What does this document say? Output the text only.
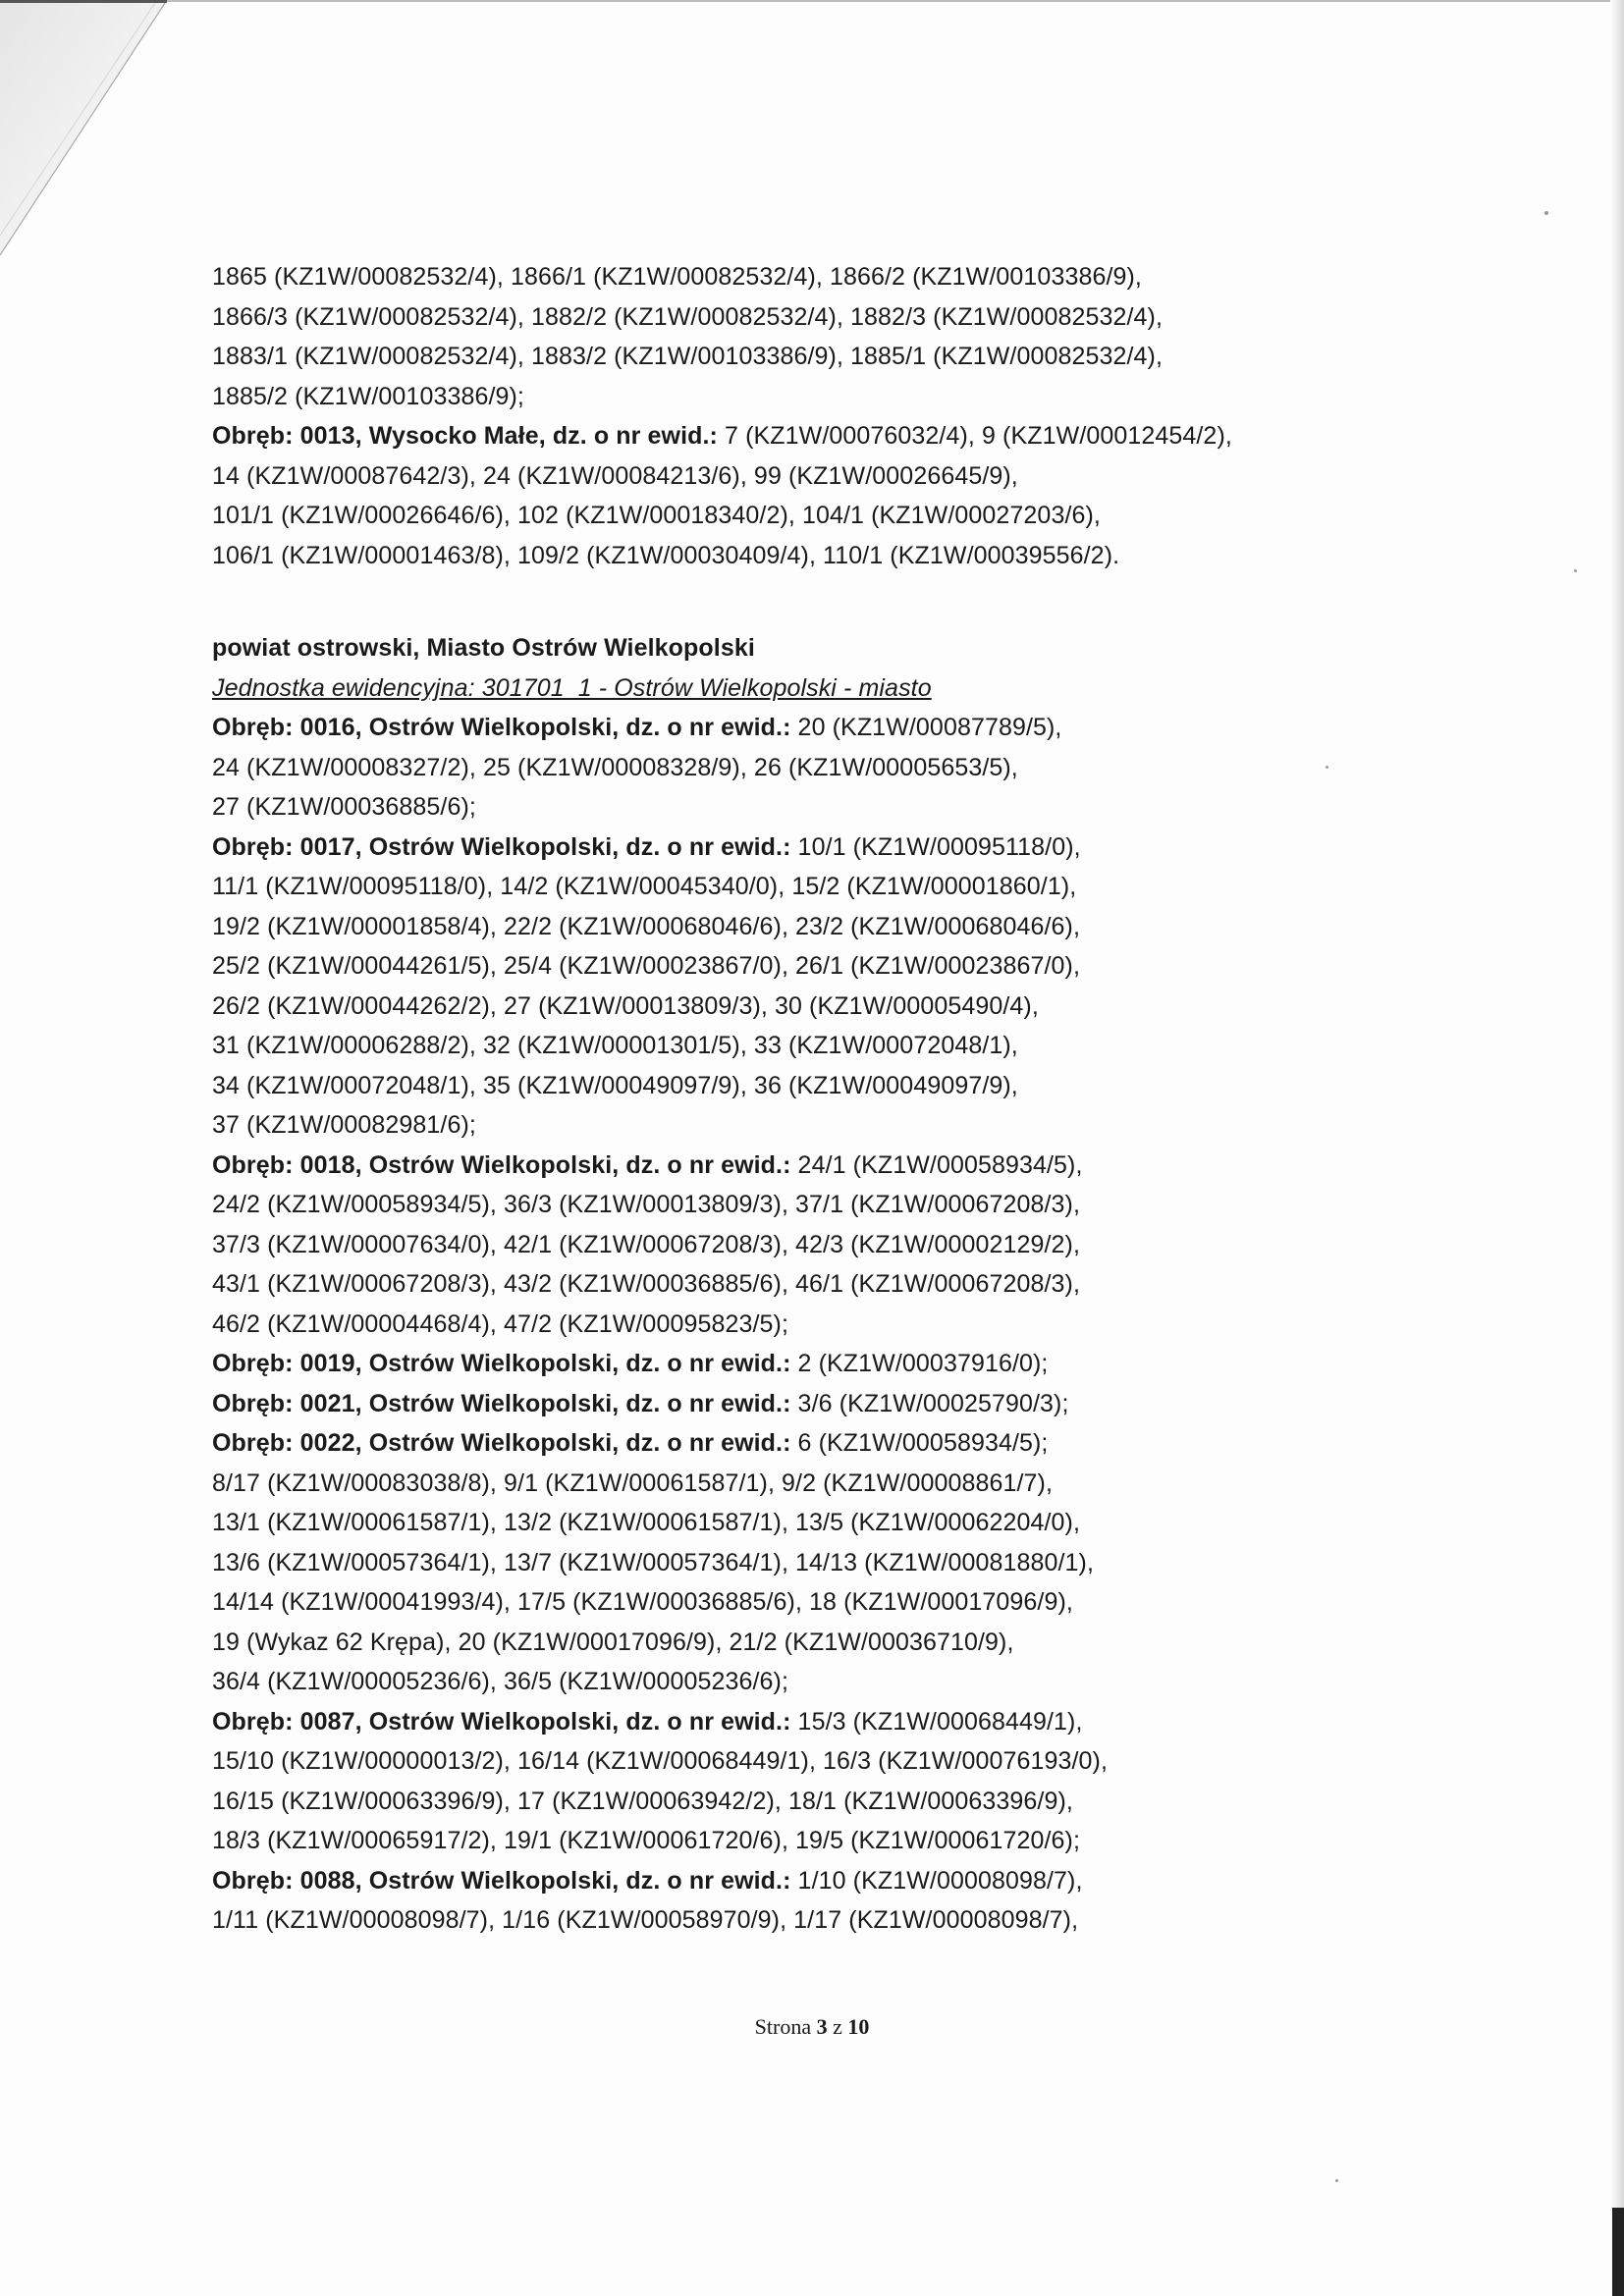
1865 (KZ1W/00082532/4), 1866/1 (KZ1W/00082532/4), 1866/2 (KZ1W/00103386/9),
1866/3 (KZ1W/00082532/4), 1882/2 (KZ1W/00082532/4), 1882/3 (KZ1W/00082532/4),
1883/1 (KZ1W/00082532/4), 1883/2 (KZ1W/00103386/9), 1885/1 (KZ1W/00082532/4),
1885/2 (KZ1W/00103386/9);
Obręb: 0013, Wysocko Małe, dz. o nr ewid.: 7 (KZ1W/00076032/4), 9 (KZ1W/00012454/2),
14 (KZ1W/00087642/3), 24 (KZ1W/00084213/6), 99 (KZ1W/00026645/9),
101/1 (KZ1W/00026646/6), 102 (KZ1W/00018340/2), 104/1 (KZ1W/00027203/6),
106/1 (KZ1W/00001463/8), 109/2 (KZ1W/00030409/4), 110/1 (KZ1W/00039556/2).
powiat ostrowski, Miasto Ostrów Wielkopolski
Jednostka ewidencyjna: 301701_1 - Ostrów Wielkopolski - miasto
Obręb: 0016, Ostrów Wielkopolski, dz. o nr ewid.: 20 (KZ1W/00087789/5),
24 (KZ1W/00008327/2), 25 (KZ1W/00008328/9), 26 (KZ1W/00005653/5),
27 (KZ1W/00036885/6);
Obręb: 0017, Ostrów Wielkopolski, dz. o nr ewid.: 10/1 (KZ1W/00095118/0),
11/1 (KZ1W/00095118/0), 14/2 (KZ1W/00045340/0), 15/2 (KZ1W/00001860/1),
19/2 (KZ1W/00001858/4), 22/2 (KZ1W/00068046/6), 23/2 (KZ1W/00068046/6),
25/2 (KZ1W/00044261/5), 25/4 (KZ1W/00023867/0), 26/1 (KZ1W/00023867/0),
26/2 (KZ1W/00044262/2), 27 (KZ1W/00013809/3), 30 (KZ1W/00005490/4),
31 (KZ1W/00006288/2), 32 (KZ1W/00001301/5), 33 (KZ1W/00072048/1),
34 (KZ1W/00072048/1), 35 (KZ1W/00049097/9), 36 (KZ1W/00049097/9),
37 (KZ1W/00082981/6);
Obręb: 0018, Ostrów Wielkopolski, dz. o nr ewid.: 24/1 (KZ1W/00058934/5),
24/2 (KZ1W/00058934/5), 36/3 (KZ1W/00013809/3), 37/1 (KZ1W/00067208/3),
37/3 (KZ1W/00007634/0), 42/1 (KZ1W/00067208/3), 42/3 (KZ1W/00002129/2),
43/1 (KZ1W/00067208/3), 43/2 (KZ1W/00036885/6), 46/1 (KZ1W/00067208/3),
46/2 (KZ1W/00004468/4), 47/2 (KZ1W/00095823/5);
Obręb: 0019, Ostrów Wielkopolski, dz. o nr ewid.: 2 (KZ1W/00037916/0);
Obręb: 0021, Ostrów Wielkopolski, dz. o nr ewid.: 3/6 (KZ1W/00025790/3);
Obręb: 0022, Ostrów Wielkopolski, dz. o nr ewid.: 6 (KZ1W/00058934/5);
8/17 (KZ1W/00083038/8), 9/1 (KZ1W/00061587/1), 9/2 (KZ1W/00008861/7),
13/1 (KZ1W/00061587/1), 13/2 (KZ1W/00061587/1), 13/5 (KZ1W/00062204/0),
13/6 (KZ1W/00057364/1), 13/7 (KZ1W/00057364/1), 14/13 (KZ1W/00081880/1),
14/14 (KZ1W/00041993/4), 17/5 (KZ1W/00036885/6), 18 (KZ1W/00017096/9),
19 (Wykaz 62 Krępa), 20 (KZ1W/00017096/9), 21/2 (KZ1W/00036710/9),
36/4 (KZ1W/00005236/6), 36/5 (KZ1W/00005236/6);
Obręb: 0087, Ostrów Wielkopolski, dz. o nr ewid.: 15/3 (KZ1W/00068449/1),
15/10 (KZ1W/00000013/2), 16/14 (KZ1W/00068449/1), 16/3 (KZ1W/00076193/0),
16/15 (KZ1W/00063396/9), 17 (KZ1W/00063942/2), 18/1 (KZ1W/00063396/9),
18/3 (KZ1W/00065917/2), 19/1 (KZ1W/00061720/6), 19/5 (KZ1W/00061720/6);
Obręb: 0088, Ostrów Wielkopolski, dz. o nr ewid.: 1/10 (KZ1W/00008098/7),
1/11 (KZ1W/00008098/7), 1/16 (KZ1W/00058970/9), 1/17 (KZ1W/00008098/7),
Strona 3 z 10
